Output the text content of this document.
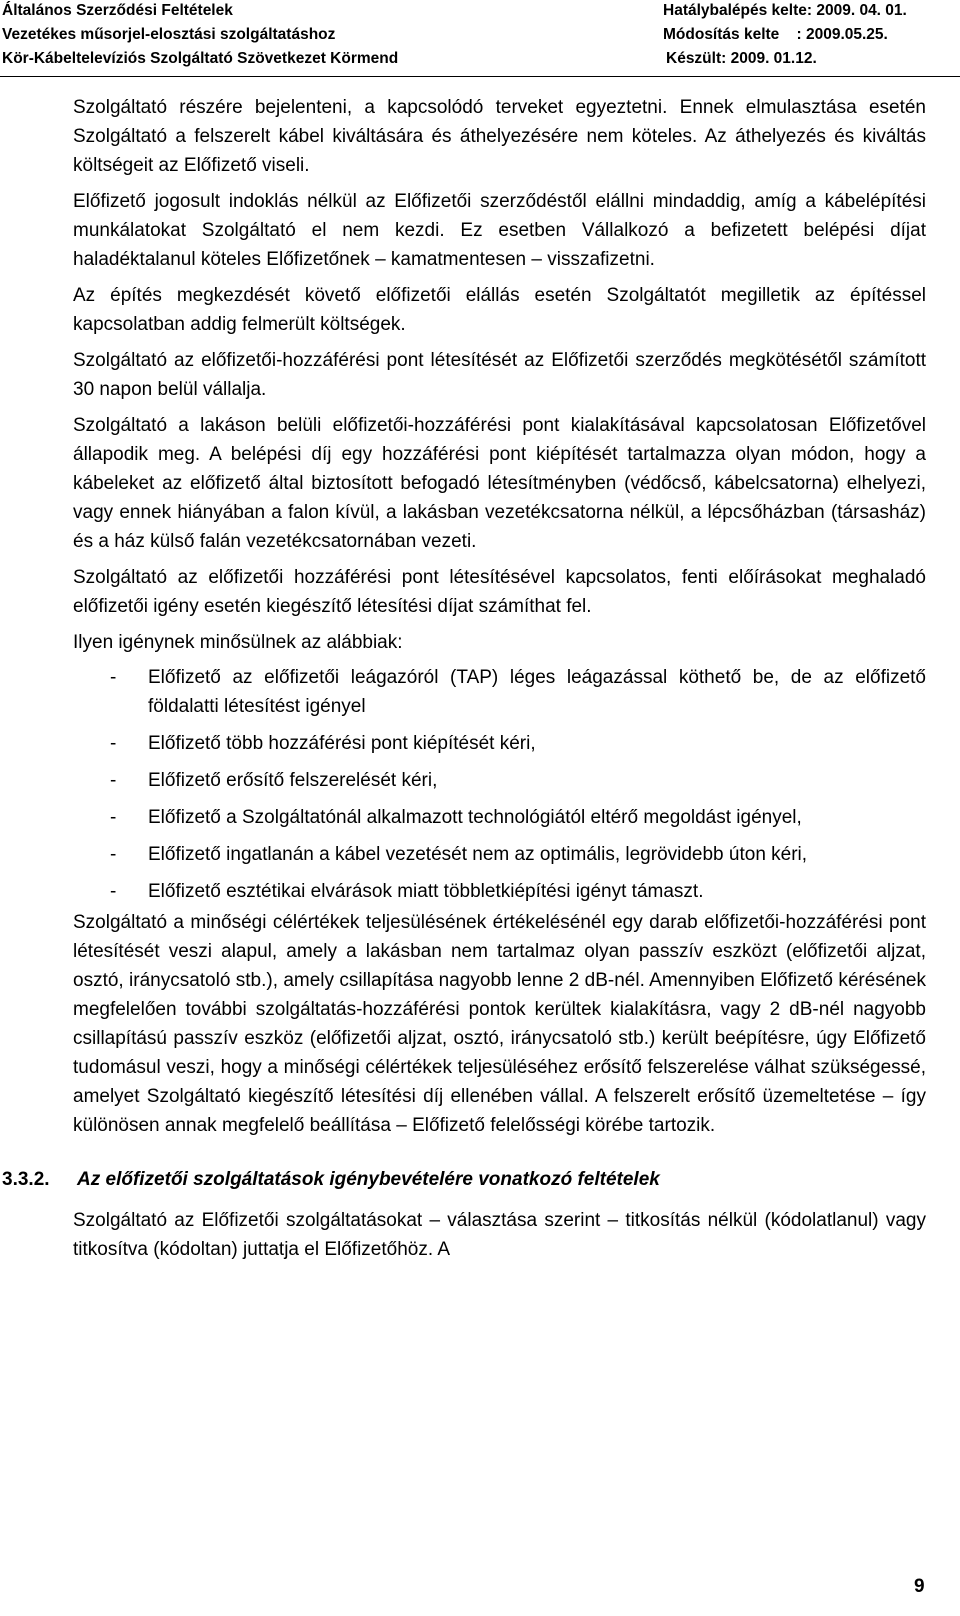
Általános Szerződési Feltételek	Hatálybalépés kelte: 2009. 04. 01.
Vezetékes műsorjel-elosztási szolgáltatáshoz	Módosítás kelte    : 2009.05.25.
Kör-Kábeltelevíziós Szolgáltató Szövetkezet Körmend	Készült: 2009. 01.12.

Szolgáltató részére bejelenteni, a kapcsolódó terveket egyeztetni. Ennek elmulasztása esetén Szolgáltató a felszerelt kábel kiváltására és áthelyezésére nem köteles. Az áthelyezés és kiváltás költségeit az Előfizető viseli.

Előfizető jogosult indoklás nélkül az Előfizetői szerződéstől elállni mindaddig, amíg a kábelépítési munkálatokat Szolgáltató el nem kezdi. Ez esetben Vállalkozó a befizetett belépési díjat haladéktalanul köteles Előfizetőnek – kamatmentesen – visszafizetni.

Az építés megkezdését követő előfizetői elállás esetén Szolgáltatót megilletik az építéssel kapcsolatban addig felmerült költségek.

Szolgáltató az előfizetői-hozzáférési pont létesítését az Előfizetői szerződés megkötésétől számított 30 napon belül vállalja.

Szolgáltató a lakáson belüli előfizetői-hozzáférési pont kialakításával kapcsolatosan Előfizetővel állapodik meg. A belépési díj egy hozzáférési pont kiépítését tartalmazza olyan módon, hogy a kábeleket az előfizető által biztosított befogadó létesítményben (védőcső, kábelcsatorna) elhelyezi, vagy ennek hiányában a falon kívül, a lakásban vezetékcsatorna nélkül, a lépcsőházban (társasház) és a ház külső falán vezetékcsatornában vezeti.

Szolgáltató az előfizetői hozzáférési pont létesítésével kapcsolatos, fenti előírásokat meghaladó előfizetői igény esetén kiegészítő létesítési díjat számíthat fel.

Ilyen igénynek minősülnek az alábbiak:

- Előfizető az előfizetői leágazóról (TAP) léges leágazással köthető be, de az előfizető földalatti létesítést igényel
- Előfizető több hozzáférési pont kiépítését kéri,
- Előfizető erősítő felszerelését kéri,
- Előfizető a Szolgáltatónál alkalmazott technológiától eltérő megoldást igényel,
- Előfizető ingatlanán a kábel vezetését nem az optimális, legrövidebb úton kéri,
- Előfizető esztétikai elvárások miatt többletkiépítési igényt támaszt.

Szolgáltató a minőségi célértékek teljesülésének értékelésénél egy darab előfizetői-hozzáférési pont létesítését veszi alapul, amely a lakásban nem tartalmaz olyan passzív eszközt (előfizetői aljzat, osztó, iránycsatoló stb.), amely csillapítása nagyobb lenne 2 dB-nél. Amennyiben Előfizető kérésének megfelelően további szolgáltatás-hozzáférési pontok kerültek kialakításra, vagy 2 dB-nél nagyobb csillapítású passzív eszköz (előfizetői aljzat, osztó, iránycsatoló stb.) került beépítésre, úgy Előfizető tudomásul veszi, hogy a minőségi célértékek teljesüléséhez erősítő felszerelése válhat szükségessé, amelyet Szolgáltató kiegészítő létesítési díj ellenében vállal. A felszerelt erősítő üzemeltetése – így különösen annak megfelelő beállítása – Előfizető felelősségi körébe tartozik.

3.3.2. Az előfizetői szolgáltatások igénybevételére vonatkozó feltételek

Szolgáltató az Előfizetői szolgáltatásokat – választása szerint – titkosítás nélkül (kódolatlanul) vagy titkosítva (kódoltan) juttatja el Előfizetőhöz. A

9
